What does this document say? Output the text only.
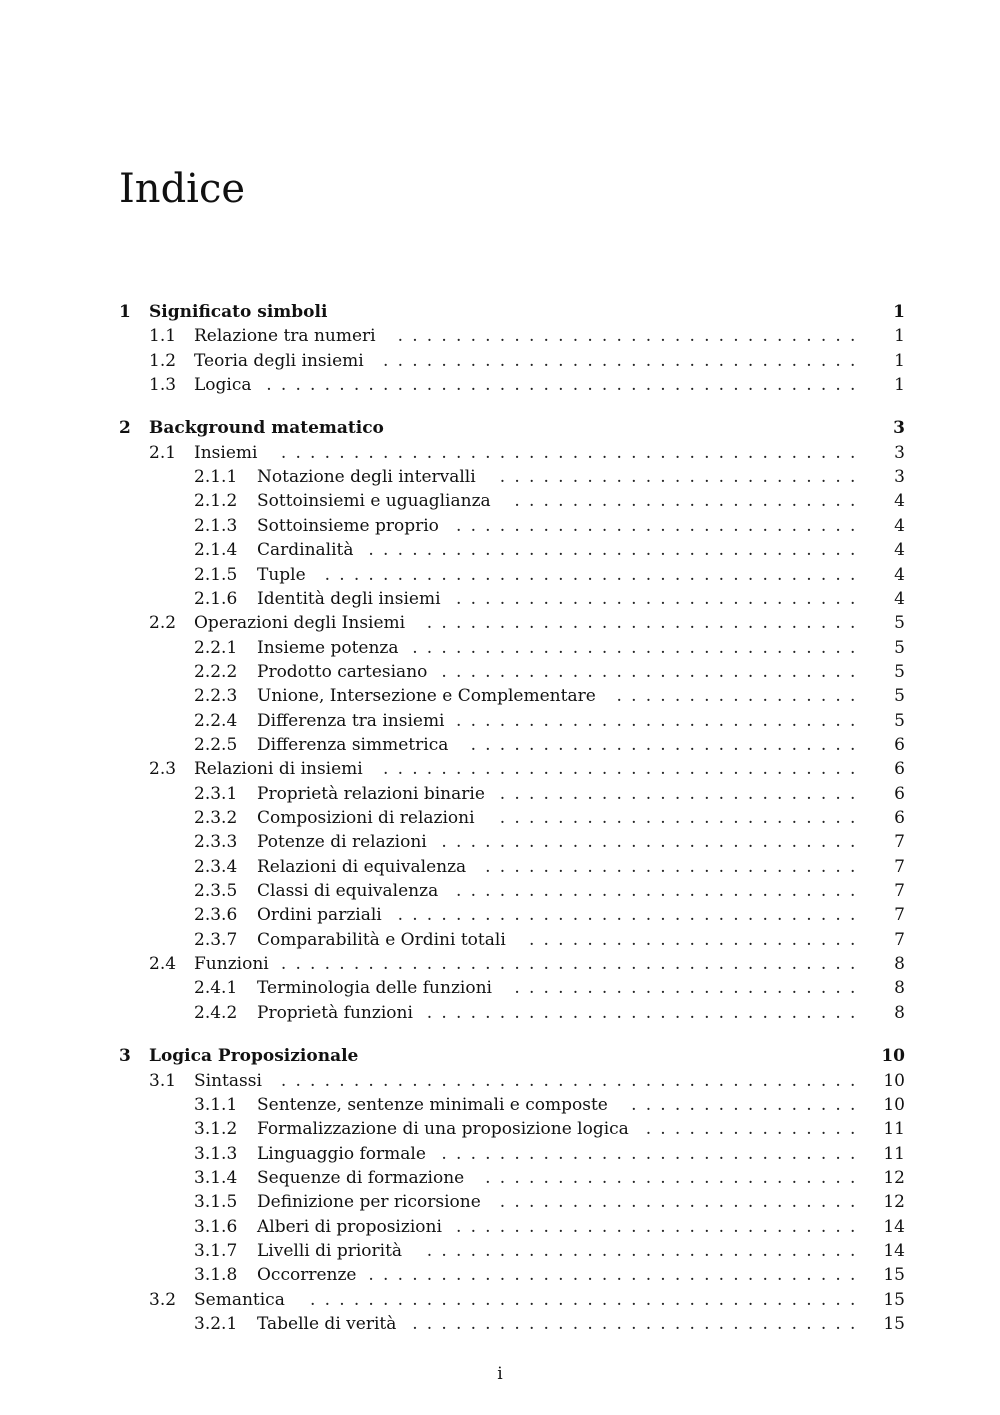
Indice
1 Significato simboli	1
1.1 Relazione tra numeri	1
. . . . . . . . . . . . . . . . . . . . . . . . . . . . . . . .
1.2 Teoria degli insiemi	1
. . . . . . . . . . . . . . . . . . . . . . . . . . . . . . . . .
1.3 Logica	1
. . . . . . . . . . . . . . . . . . . . . . . . . . . . . . . . . . . . . . . . .
2 Background matematico	3
2.1 Insiemi	3
. . . . . . . . . . . . . . . . . . . . . . . . . . . . . . . . . . . . . . . .
2.1.1 Notazione degli intervalli	3
. . . . . . . . . . . . . . . . . . . . . . . . .
2.1.2 Sottoinsiemi e uguaglianza	4
. . . . . . . . . . . . . . . . . . . . . . . .
2.1.3 Sottoinsieme proprio	4
. . . . . . . . . . . . . . . . . . . . . . . . . . . .
2.1.4 Cardinalità	4
. . . . . . . . . . . . . . . . . . . . . . . . . . . . . . . . . .
2.1.5 Tuple	4
. . . . . . . . . . . . . . . . . . . . . . . . . . . . . . . . . . . . .
2.1.6 Identità degli insiemi	4
. . . . . . . . . . . . . . . . . . . . . . . . . . . .
2.2 Operazioni degli Insiemi	5
. . . . . . . . . . . . . . . . . . . . . . . . . . . . . .
2.2.1 Insieme potenza	5
. . . . . . . . . . . . . . . . . . . . . . . . . . . . . . .
2.2.2 Prodotto cartesiano	5
. . . . . . . . . . . . . . . . . . . . . . . . . . . . .
2.2.3 Unione, Intersezione e Complementare	5
. . . . . . . . . . . . . . . . .
2.2.4 Differenza tra insiemi	5
. . . . . . . . . . . . . . . . . . . . . . . . . . . .
2.2.5 Differenza simmetrica	6
. . . . . . . . . . . . . . . . . . . . . . . . . . .
2.3 Relazioni di insiemi	6
. . . . . . . . . . . . . . . . . . . . . . . . . . . . . . . . .
2.3.1 Proprietà relazioni binarie	6
. . . . . . . . . . . . . . . . . . . . . . . . .
2.3.2 Composizioni di relazioni	6
. . . . . . . . . . . . . . . . . . . . . . . . .
2.3.3 Potenze di relazioni	7
. . . . . . . . . . . . . . . . . . . . . . . . . . . . .
2.3.4 Relazioni di equivalenza	7
. . . . . . . . . . . . . . . . . . . . . . . . . .
2.3.5 Classi di equivalenza	7
. . . . . . . . . . . . . . . . . . . . . . . . . . . .
2.3.6 Ordini parziali	7
. . . . . . . . . . . . . . . . . . . . . . . . . . . . . . . .
2.3.7 Comparabilità e Ordini totali	7
. . . . . . . . . . . . . . . . . . . . . . .
2.4 Funzioni	8
. . . . . . . . . . . . . . . . . . . . . . . . . . . . . . . . . . . . . . . .
2.4.1 Terminologia delle funzioni	8
. . . . . . . . . . . . . . . . . . . . . . . .
2.4.2 Proprietà funzioni	8
. . . . . . . . . . . . . . . . . . . . . . . . . . . . . .
3 Logica Proposizionale	10
3.1 Sintassi	10
. . . . . . . . . . . . . . . . . . . . . . . . . . . . . . . . . . . . . . . .
3.1.1 Sentenze, sentenze minimali e composte	10
. . . . . . . . . . . . . . . .
3.1.2 Formalizzazione di una proposizione logica	11
. . . . . . . . . . . . . . .
3.1.3 Linguaggio formale	11
. . . . . . . . . . . . . . . . . . . . . . . . . . . . .
3.1.4 Sequenze di formazione	12
. . . . . . . . . . . . . . . . . . . . . . . . . .
3.1.5 Definizione per ricorsione	12
. . . . . . . . . . . . . . . . . . . . . . . . .
3.1.6 Alberi di proposizioni	14
. . . . . . . . . . . . . . . . . . . . . . . . . . . .
3.1.7 Livelli di priorità	14
. . . . . . . . . . . . . . . . . . . . . . . . . . . . . .
3.1.8 Occorrenze	15
. . . . . . . . . . . . . . . . . . . . . . . . . . . . . . . . . .
3.2 Semantica	15
. . . . . . . . . . . . . . . . . . . . . . . . . . . . . . . . . . . . . .
3.2.1 Tabelle di verità	15
. . . . . . . . . . . . . . . . . . . . . . . . . . . . . . .
i
